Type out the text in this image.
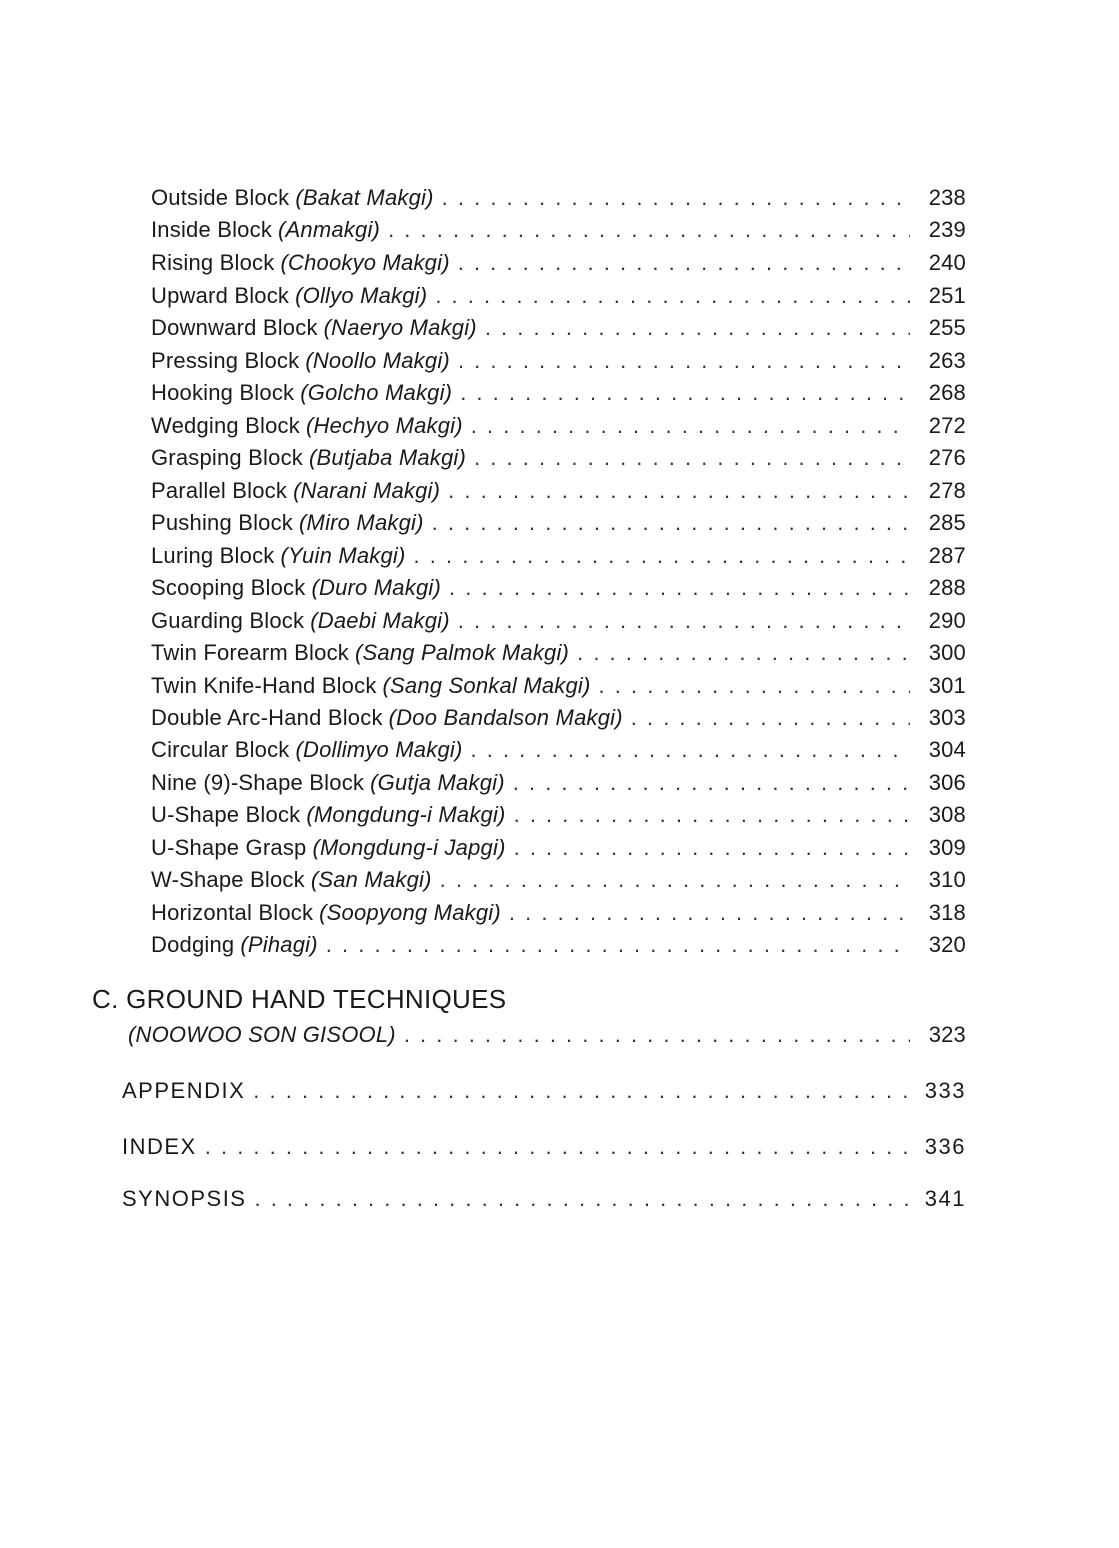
Outside Block (Bakat Makgi) . . .	238
Inside Block (Anmakgi) . . .	239
Rising Block (Chookyo Makgi) . . .	240
Upward Block (Ollyo Makgi) . . .	251
Downward Block (Naeryo Makgi) . . .	255
Pressing Block (Noollo Makgi) . . .	263
Hooking Block (Golcho Makgi) . . .	268
Wedging Block (Hechyo Makgi) . . .	272
Grasping Block (Butjaba Makgi) . . .	276
Parallel Block (Narani Makgi) . . .	278
Pushing Block (Miro Makgi) . . .	285
Luring Block (Yuin Makgi) . . .	287
Scooping Block (Duro Makgi) . . .	288
Guarding Block (Daebi Makgi) . . .	290
Twin Forearm Block (Sang Palmok Makgi) . . .	300
Twin Knife-Hand Block (Sang Sonkal Makgi) . . .	301
Double Arc-Hand Block (Doo Bandalson Makgi) . . .	303
Circular Block (Dollimyo Makgi) . . .	304
Nine (9)-Shape Block (Gutja Makgi) . . .	306
U-Shape Block (Mongdung-i Makgi) . . .	308
U-Shape Grasp (Mongdung-i Japgi) . . .	309
W-Shape Block (San Makgi) . . .	310
Horizontal Block (Soopyong Makgi) . . .	318
Dodging (Pihagi) . . .	320
C. GROUND HAND TECHNIQUES
(NOOWOO SON GISOOL) . . .	323
APPENDIX . . .	333
INDEX . . .	336
SYNOPSIS . . .	341
